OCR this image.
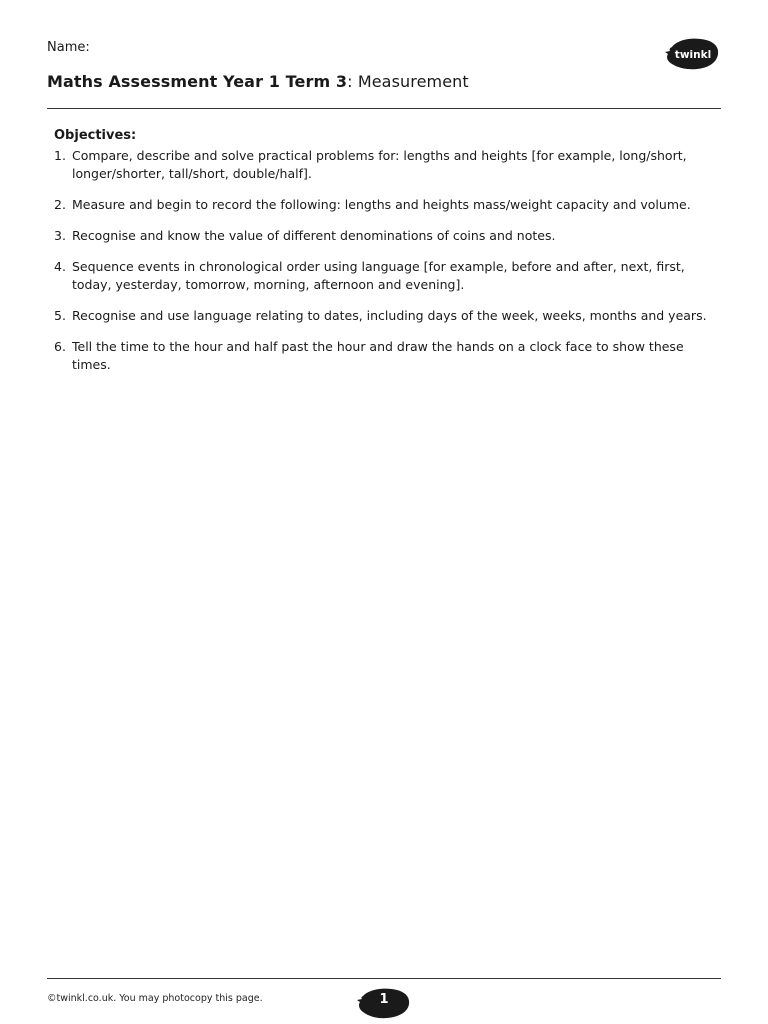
Name:
Maths Assessment Year 1 Term 3: Measurement
twinkl
Objectives:
1. Compare, describe and solve practical problems for: lengths and heights [for example, long/short, longer/shorter, tall/short, double/half].
2. Measure and begin to record the following: lengths and heights mass/weight capacity and volume.
3. Recognise and know the value of different denominations of coins and notes.
4. Sequence events in chronological order using language [for example, before and after, next, first, today, yesterday, tomorrow, morning, afternoon and evening].
5. Recognise and use language relating to dates, including days of the week, weeks, months and years.
6. Tell the time to the hour and half past the hour and draw the hands on a clock face to show these times.
©twinkl.co.uk. You may photocopy this page.	1
